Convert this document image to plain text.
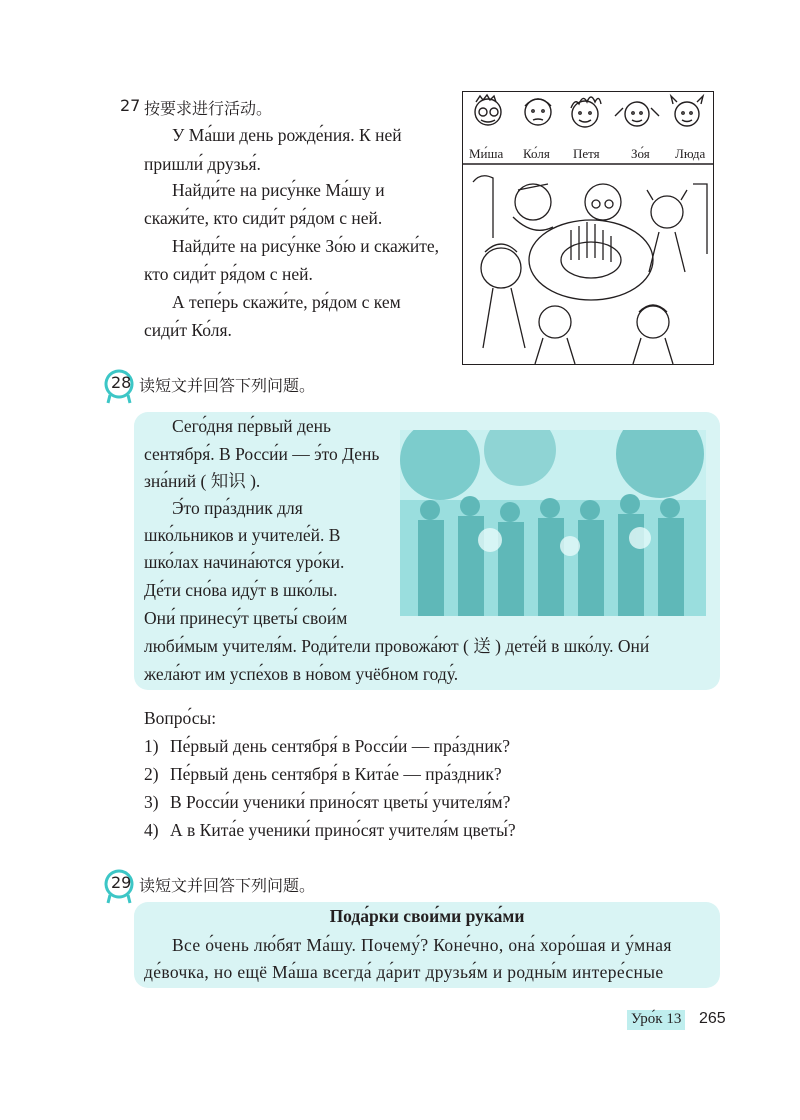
27 按要求进行活动。
У Ма́ши день рожде́ния. К ней
пришли́ друзья́.
Найди́те на рису́нке Ма́шу и
скажи́те, кто сиди́т ря́дом с ней.
Найди́те на рису́нке Зо́ю и скажи́те,
кто сиди́т ря́дом с ней.
А тепе́рь скажи́те, ря́дом с кем
сиди́т Ко́ля.
Ми́ша Ко́ля Петя Зо́я Люда
28 读短文并回答下列问题。
Сего́дня пе́рвый день
сентября́. В Росси́и — э́то День
зна́ний ( 知识 ).
Э́то пра́здник для
шко́льников и учителе́й. В
шко́лах начина́ются уро́ки.
Де́ти сно́ва иду́т в шко́лы.
Они́ принесу́т цветы́ свои́м
люби́мым учителя́м. Роди́тели провожа́ют ( 送 ) дете́й в шко́лу. Они́
жела́ют им успе́хов в но́вом учёбном году́.
Вопро́сы:
1) Пе́рвый день сентября́ в Росси́и — пра́здник?
2) Пе́рвый день сентября́ в Кита́е — пра́здник?
3) В Росси́и ученики́ прино́сят цветы́ учителя́м?
4) А в Кита́е ученики́ прино́сят учителя́м цветы́?
29 读短文并回答下列问题。
Пода́рки свои́ми рука́ми
Все о́чень лю́бят Ма́шу. Почему́? Коне́чно, она́ хоро́шая и у́мная
де́вочка, но ещё Ма́ша всегда́ да́рит друзья́м и родны́м интере́сные
Уро́к 13 265
